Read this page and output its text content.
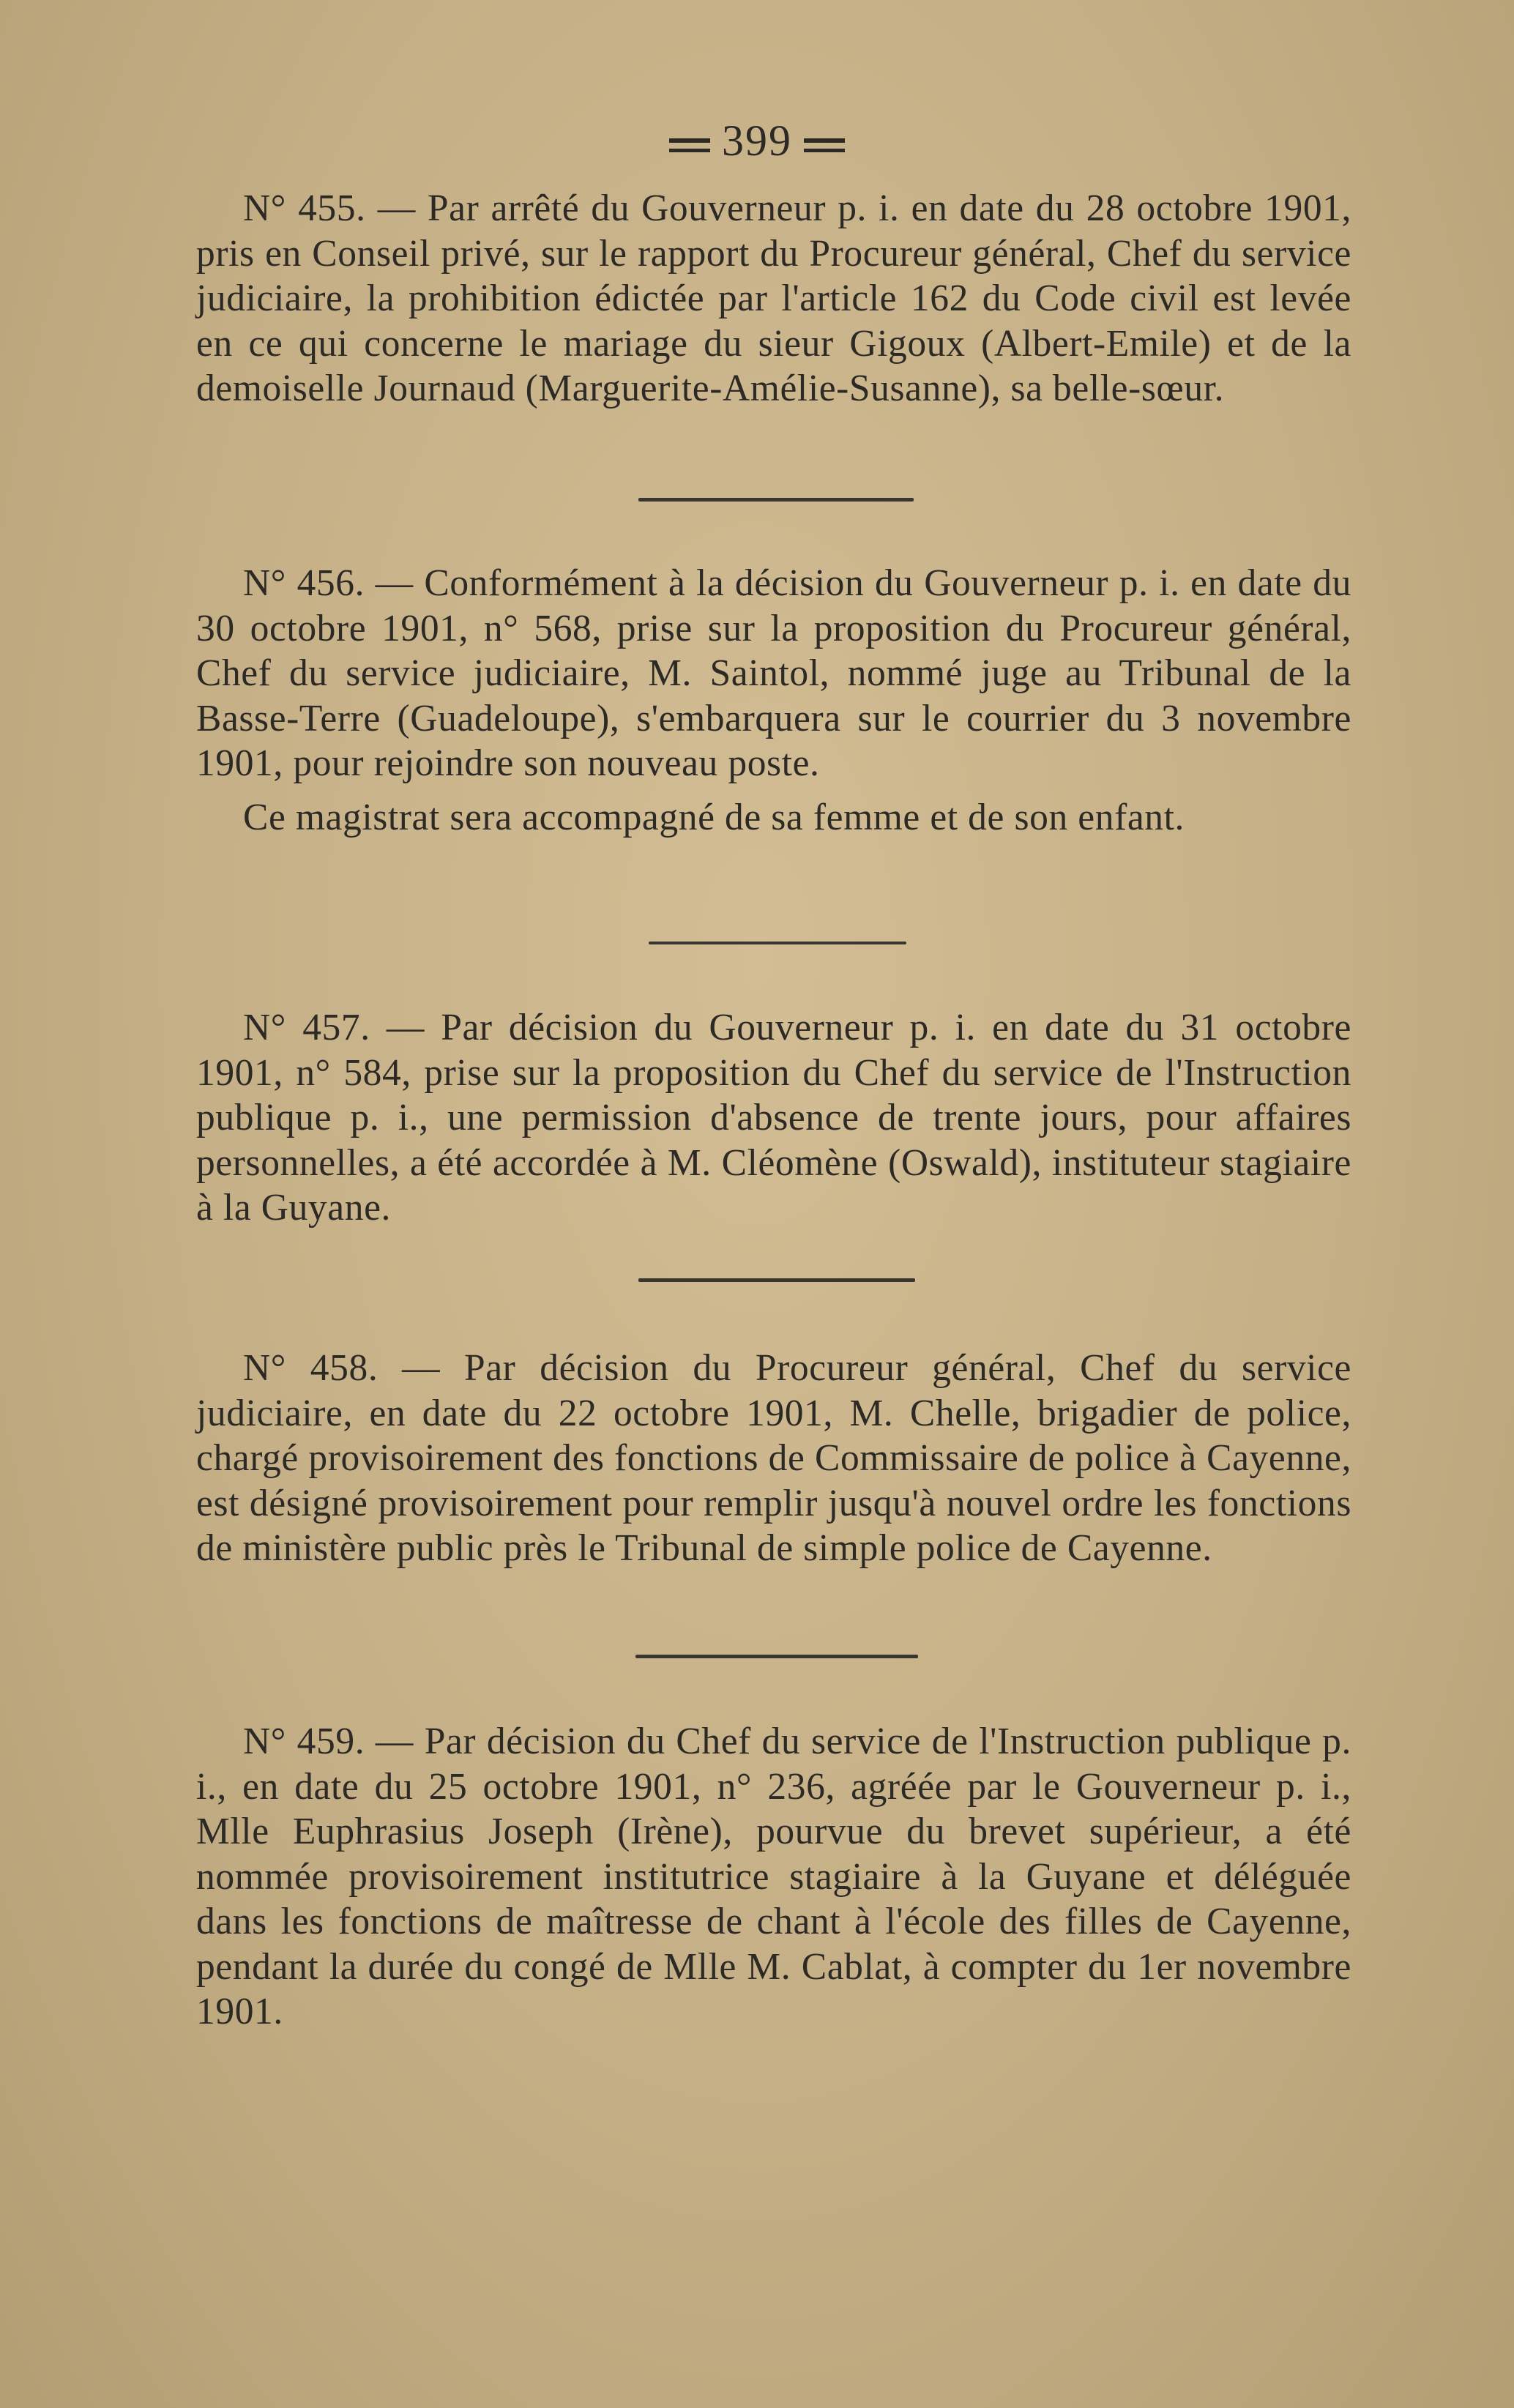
399

N° 455. — Par arrêté du Gouverneur p. i. en date du 28 octobre 1901, pris en Conseil privé, sur le rapport du Procureur général, Chef du service judiciaire, la prohibition édictée par l'article 162 du Code civil est levée en ce qui concerne le mariage du sieur Gigoux (Albert-Emile) et de la demoiselle Journaud (Marguerite-Amélie-Susanne), sa belle-sœur.

N° 456. — Conformément à la décision du Gouverneur p. i. en date du 30 octobre 1901, n° 568, prise sur la proposition du Procureur général, Chef du service judiciaire, M. Saintol, nommé juge au Tribunal de la Basse-Terre (Guadeloupe), s'embarquera sur le courrier du 3 novembre 1901, pour rejoindre son nouveau poste.

Ce magistrat sera accompagné de sa femme et de son enfant.

N° 457. — Par décision du Gouverneur p. i. en date du 31 octobre 1901, n° 584, prise sur la proposition du Chef du service de l'Instruction publique p. i., une permission d'absence de trente jours, pour affaires personnelles, a été accordée à M. Cléomène (Oswald), instituteur stagiaire à la Guyane.

N° 458. — Par décision du Procureur général, Chef du service judiciaire, en date du 22 octobre 1901, M. Chelle, brigadier de police, chargé provisoirement des fonctions de Commissaire de police à Cayenne, est désigné provisoirement pour remplir jusqu'à nouvel ordre les fonctions de ministère public près le Tribunal de simple police de Cayenne.

N° 459. — Par décision du Chef du service de l'Instruction publique p. i., en date du 25 octobre 1901, n° 236, agréée par le Gouverneur p. i., Mlle Euphrasius Joseph (Irène), pourvue du brevet supérieur, a été nommée provisoirement institutrice stagiaire à la Guyane et déléguée dans les fonctions de maîtresse de chant à l'école des filles de Cayenne, pendant la durée du congé de Mlle M. Cablat, à compter du 1er novembre 1901.
